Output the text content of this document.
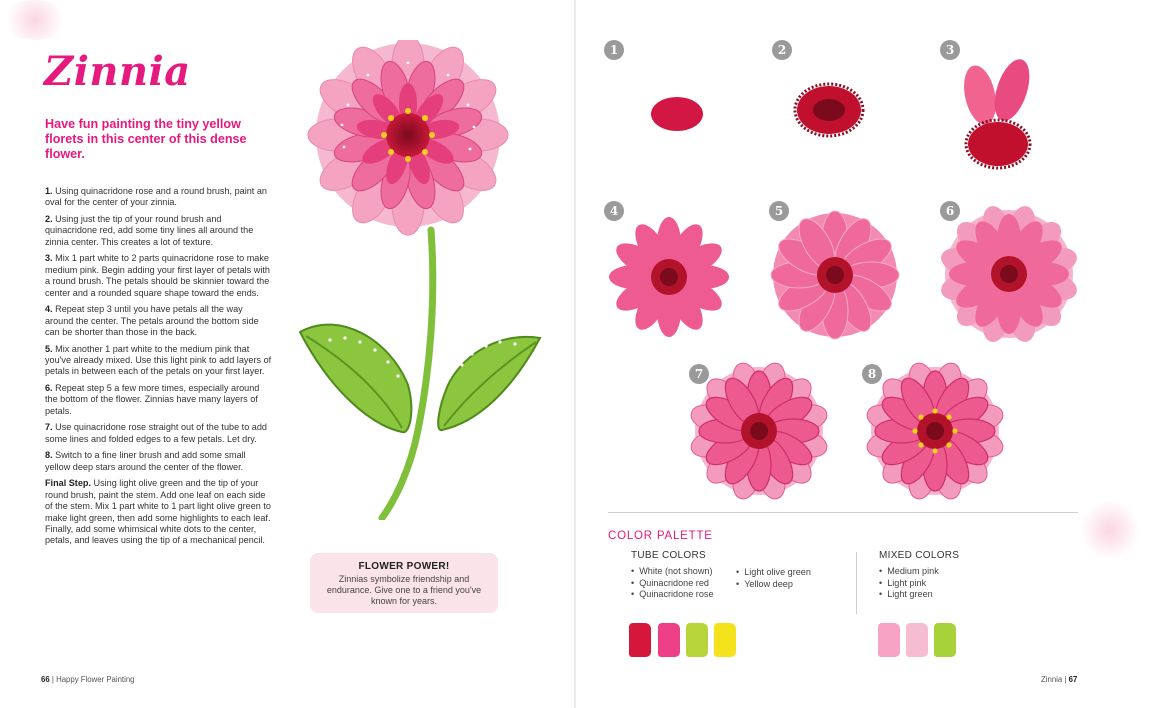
Zinnia
Have fun painting the tiny yellow florets in this center of this dense flower.

1. Using quinacridone rose and a round brush, paint an oval for the center of your zinnia.

2. Using just the tip of your round brush and quinacridone red, add some tiny lines all around the zinnia center. This creates a lot of texture.

3. Mix 1 part white to 2 parts quinacridone rose to make medium pink. Begin adding your first layer of petals with a round brush. The petals should be skinnier toward the center and a rounded square shape toward the ends.

4. Repeat step 3 until you have petals all the way around the center. The petals around the bottom side can be shorter than those in the back.

5. Mix another 1 part white to the medium pink that you've already mixed. Use this light pink to add layers of petals in between each of the petals on your first layer.

6. Repeat step 5 a few more times, especially around the bottom of the flower. Zinnias have many layers of petals.

7. Use quinacridone rose straight out of the tube to add some lines and folded edges to a few petals. Let dry.

8. Switch to a fine liner brush and add some small yellow deep stars around the center of the flower.

Final Step. Using light olive green and the tip of your round brush, paint the stem. Add one leaf on each side of the stem. Mix 1 part white to 1 part light olive green to make light green, then add some highlights to each leaf. Finally, add some whimsical white dots to the center, petals, and leaves using the tip of a mechanical pencil.

FLOWER POWER!
Zinnias symbolize friendship and endurance. Give one to a friend you've known for years.
66 | Happy Flower Painting
1	2	3
4	5	6
7	8
COLOR PALETTE
TUBE COLORS
• White (not shown)
• Quinacridone red
• Quinacridone rose
• Light olive green
• Yellow deep
MIXED COLORS
• Medium pink
• Light pink
• Light green
Zinnia | 67
